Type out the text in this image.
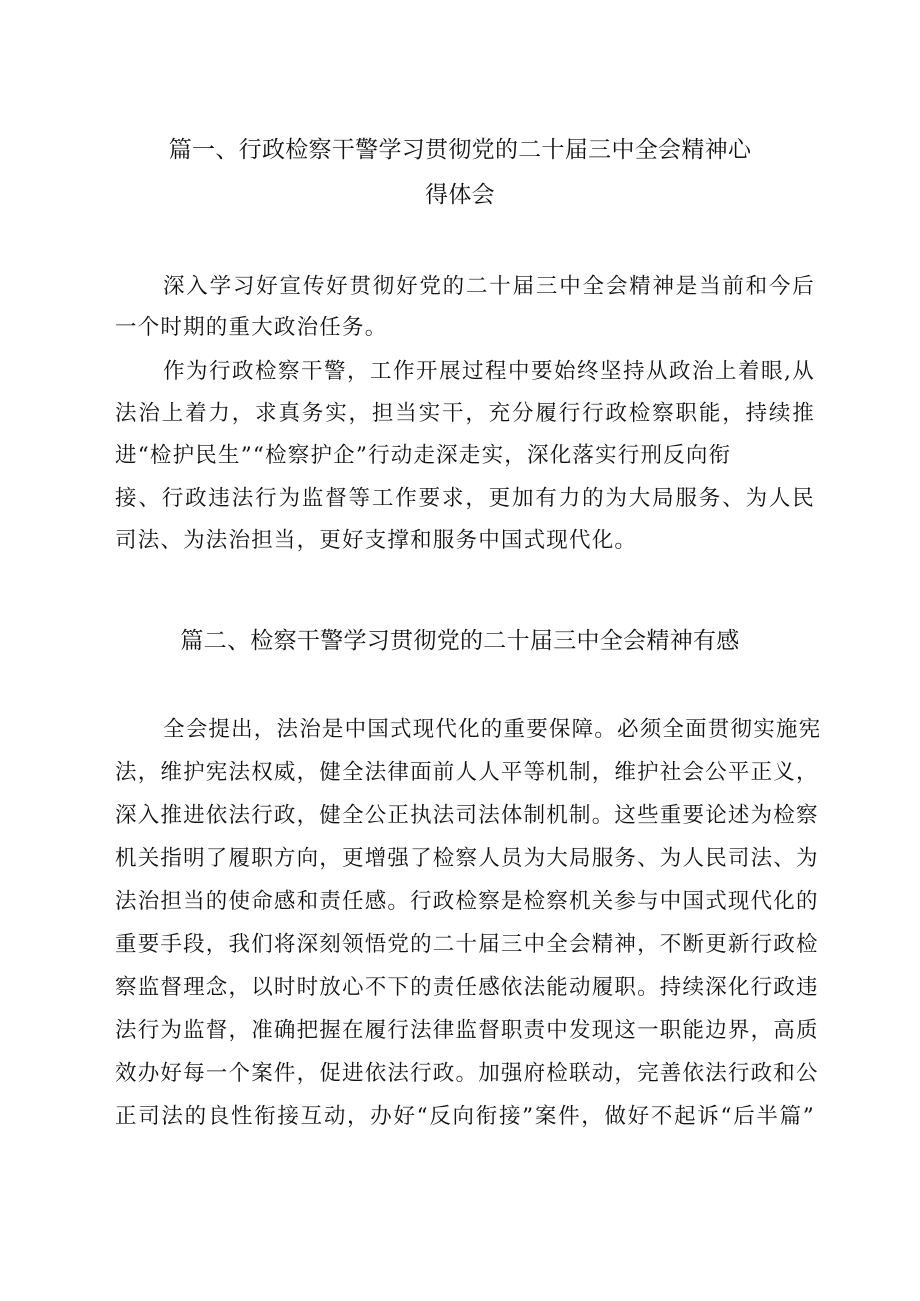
篇一、行政检察干警学习贯彻党的二十届三中全会精神心
得体会

深入学习好宣传好贯彻好党的二十届三中全会精神是当前和今后

一个时期的重大政治任务。

作为行政检察干警，工作开展过程中要始终坚持从政治上着眼,从

法治上着力，求真务实，担当实干，充分履行行政检察职能，持续推

进“检护民生”“检察护企”行动走深走实，深化落实行刑反向衔

接、行政违法行为监督等工作要求，更加有力的为大局服务、为人民

司法、为法治担当，更好支撑和服务中国式现代化。

篇二、检察干警学习贯彻党的二十届三中全会精神有感

全会提出，法治是中国式现代化的重要保障。必须全面贯彻实施宪

法，维护宪法权威，健全法律面前人人平等机制，维护社会公平正义，

深入推进依法行政，健全公正执法司法体制机制。这些重要论述为检察

机关指明了履职方向，更增强了检察人员为大局服务、为人民司法、为

法治担当的使命感和责任感。行政检察是检察机关参与中国式现代化的

重要手段，我们将深刻领悟党的二十届三中全会精神，不断更新行政检

察监督理念，以时时放心不下的责任感依法能动履职。持续深化行政违

法行为监督，准确把握在履行法律监督职责中发现这一职能边界，高质

效办好每一个案件，促进依法行政。加强府检联动，完善依法行政和公

正司法的良性衔接互动，办好“反向衔接”案件，做好不起诉“后半篇”
